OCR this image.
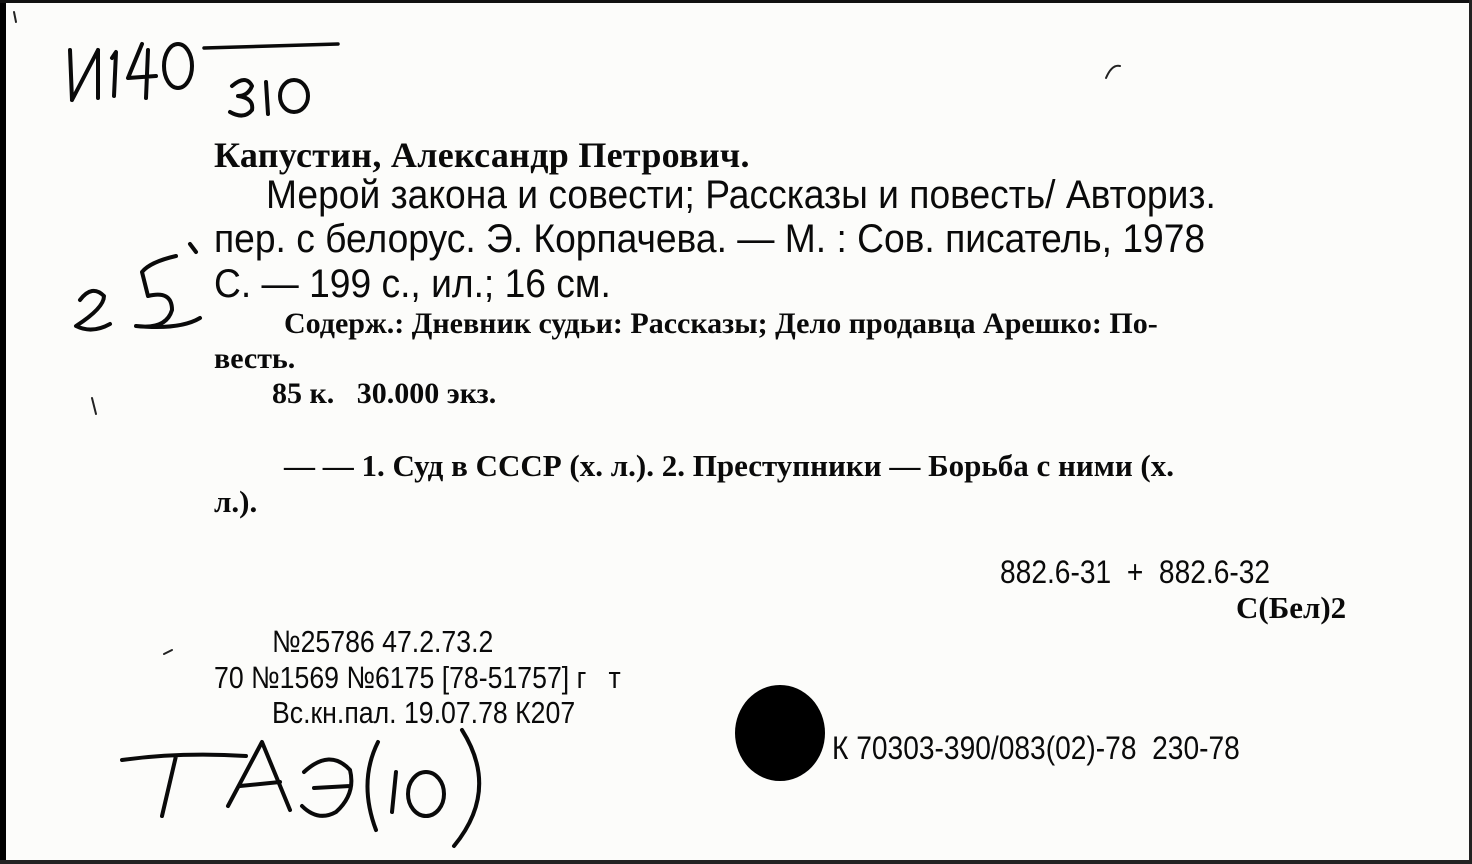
Капустин, Александр Петрович.
Мерой закона и совести; Рассказы и повесть/ Авториз.
пер. с белорус. Э. Корпачева. — М. : Сов. писатель, 1978
С. — 199 с., ил.; 16 см.
Содерж.: Дневник судьи: Рассказы; Дело продавца Арешко: По-
весть.
85 к.   30.000 экз.
— — 1. Суд в СССР (х. л.). 2. Преступники — Борьба с ними (х.
л.).
882.6-31  +  882.6-32
С(Бел)2
№25786 47.2.73.2
70 №1569 №6175 [78-51757] г   т
Вс.кн.пал. 19.07.78 К207
К 70303-390/083(02)-78  230-78
